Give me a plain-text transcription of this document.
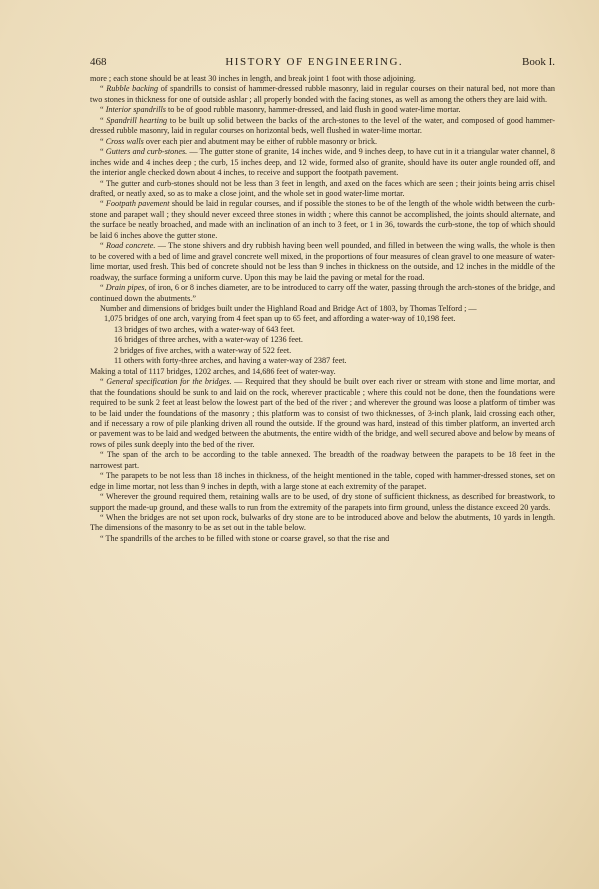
468	HISTORY OF ENGINEERING.	Book I.

more ; each stone should be at least 30 inches in length, and break joint 1 foot with those adjoining.

“ Rubble backing of spandrills to consist of hammer-dressed rubble masonry, laid in regular courses on their natural bed, not more than two stones in thickness for one of outside ashlar ; all properly bonded with the facing stones, as well as among the others they are laid with.

“ Interior spandrills to be of good rubble masonry, hammer-dressed, and laid flush in good water-lime mortar.

“ Spandrill hearting to be built up solid between the backs of the arch-stones to the level of the water, and composed of good hammer-dressed rubble masonry, laid in regular courses on horizontal beds, well flushed in water-lime mortar.

“ Cross walls over each pier and abutment may be either of rubble masonry or brick.

“ Gutters and curb-stones. — The gutter stone of granite, 14 inches wide, and 9 inches deep, to have cut in it a triangular water channel, 8 inches wide and 4 inches deep ; the curb, 15 inches deep, and 12 wide, formed also of granite, should have its outer angle rounded off, and the interior angle checked down about 4 inches, to receive and support the footpath pavement.

“ The gutter and curb-stones should not be less than 3 feet in length, and axed on the faces which are seen ; their joints being arris chisel drafted, or neatly axed, so as to make a close joint, and the whole set in good water-lime mortar.

“ Footpath pavement should be laid in regular courses, and if possible the stones to be of the length of the whole width between the curb-stone and parapet wall ; they should never exceed three stones in width ; where this cannot be accomplished, the joints should alternate, and the surface be neatly broached, and made with an inclination of an inch to 3 feet, or 1 in 36, towards the curb-stone, the top of which should be laid 6 inches above the gutter stone.

“ Road concrete. — The stone shivers and dry rubbish having been well pounded, and filled in between the wing walls, the whole is then to be covered with a bed of lime and gravel concrete well mixed, in the proportions of four measures of clean gravel to one measure of water-lime mortar, used fresh. This bed of concrete should not be less than 9 inches in thickness on the outside, and 12 inches in the middle of the roadway, the surface forming a uniform curve. Upon this may be laid the paving or metal for the road.

“ Drain pipes, of iron, 6 or 8 inches diameter, are to be introduced to carry off the water, passing through the arch-stones of the bridge, and continued down the abutments.”

Number and dimensions of bridges built under the Highland Road and Bridge Act of 1803, by Thomas Telford ; —

1,075 bridges of one arch, varying from 4 feet span up to 65 feet, and affording a water-way of 10,198 feet.

13 bridges of two arches, with a water-way of 643 feet.

16 bridges of three arches, with a water-way of 1236 feet.

2 bridges of five arches, with a water-way of 522 feet.

11 others with forty-three arches, and having a water-way of 2387 feet.

Making a total of 1117 bridges, 1202 arches, and 14,686 feet of water-way.

“ General specification for the bridges. — Required that they should be built over each river or stream with stone and lime mortar, and that the foundations should be sunk to and laid on the rock, wherever practicable ; where this could not be done, then the foundations were required to be sunk 2 feet at least below the lowest part of the bed of the river ; and wherever the ground was loose a platform of timber was to be laid under the foundations of the masonry ; this platform was to consist of two thicknesses, of 3-inch plank, laid crossing each other, and if necessary a row of pile planking driven all round the outside. If the ground was hard, instead of this timber platform, an inverted arch or pavement was to be laid and wedged between the abutments, the entire width of the bridge, and well secured above and below by means of rows of piles sunk deeply into the bed of the river.

“ The span of the arch to be according to the table annexed. The breadth of the roadway between the parapets to be 18 feet in the narrowest part.

“ The parapets to be not less than 18 inches in thickness, of the height mentioned in the table, coped with hammer-dressed stones, set on edge in lime mortar, not less than 9 inches in depth, with a large stone at each extremity of the parapet.

“ Wherever the ground required them, retaining walls are to be used, of dry stone of sufficient thickness, as described for breastwork, to support the made-up ground, and these walls to run from the extremity of the parapets into firm ground, unless the distance exceed 20 yards.

“ When the bridges are not set upon rock, bulwarks of dry stone are to be introduced above and below the abutments, 10 yards in length. The dimensions of the masonry to be as set out in the table below.

“ The spandrills of the arches to be filled with stone or coarse gravel, so that the rise and
